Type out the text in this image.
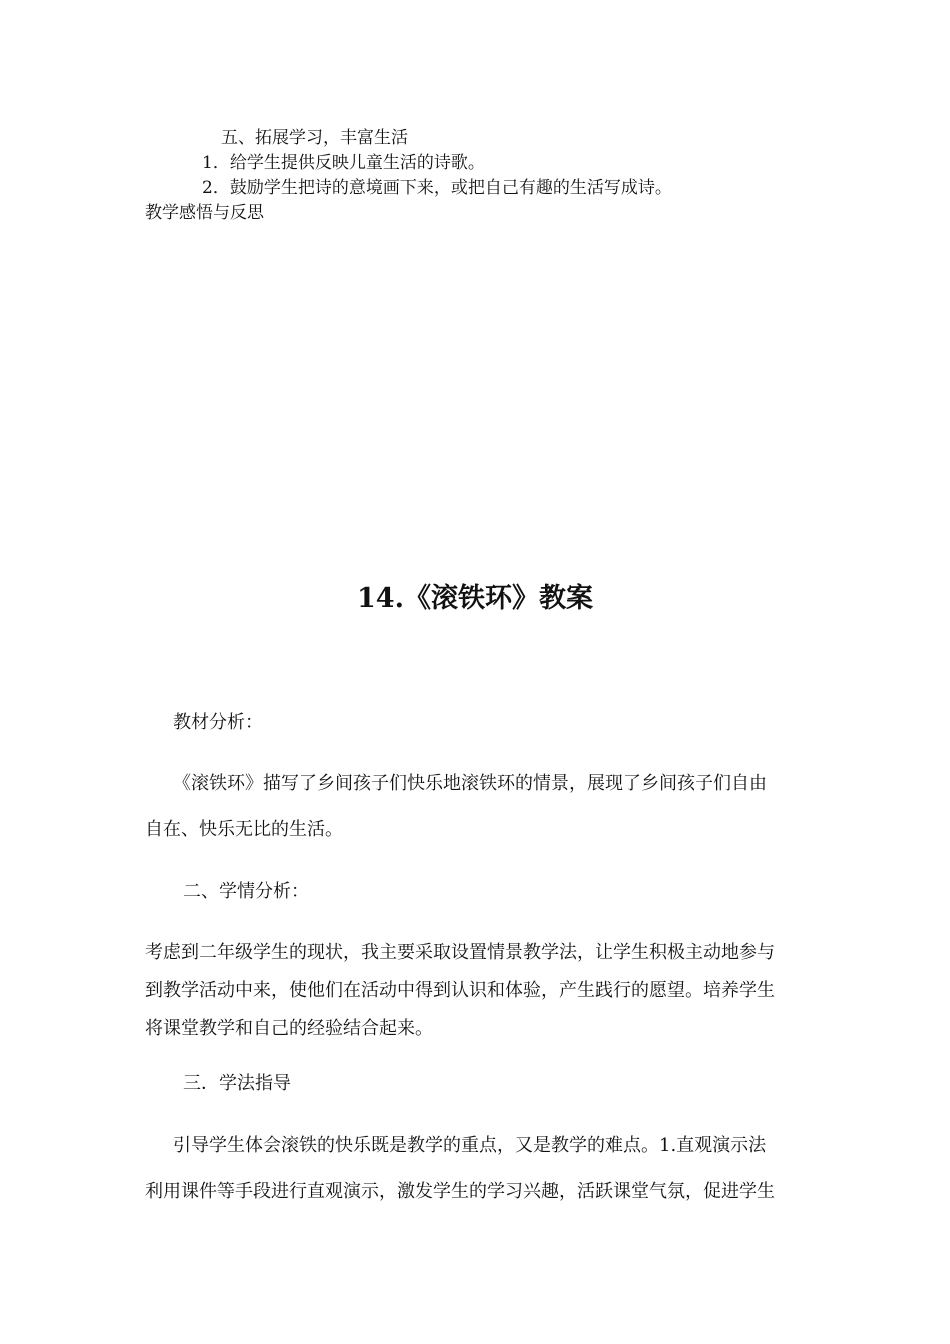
五、拓展学习，丰富生活
1．给学生提供反映儿童生活的诗歌。
2．鼓励学生把诗的意境画下来，或把自己有趣的生活写成诗。
教学感悟与反思
14.《滚铁环》教案
教材分析：
《滚铁环》描写了乡间孩子们快乐地滚铁环的情景，展现了乡间孩子们自由
自在、快乐无比的生活。
二、学情分析：
考虑到二年级学生的现状，我主要采取设置情景教学法，让学生积极主动地参与
到教学活动中来，使他们在活动中得到认识和体验，产生践行的愿望。培养学生
将课堂教学和自己的经验结合起来。
三．学法指导
引导学生体会滚铁的快乐既是教学的重点，又是教学的难点。1.直观演示法
利用课件等手段进行直观演示，激发学生的学习兴趣，活跃课堂气氛，促进学生
